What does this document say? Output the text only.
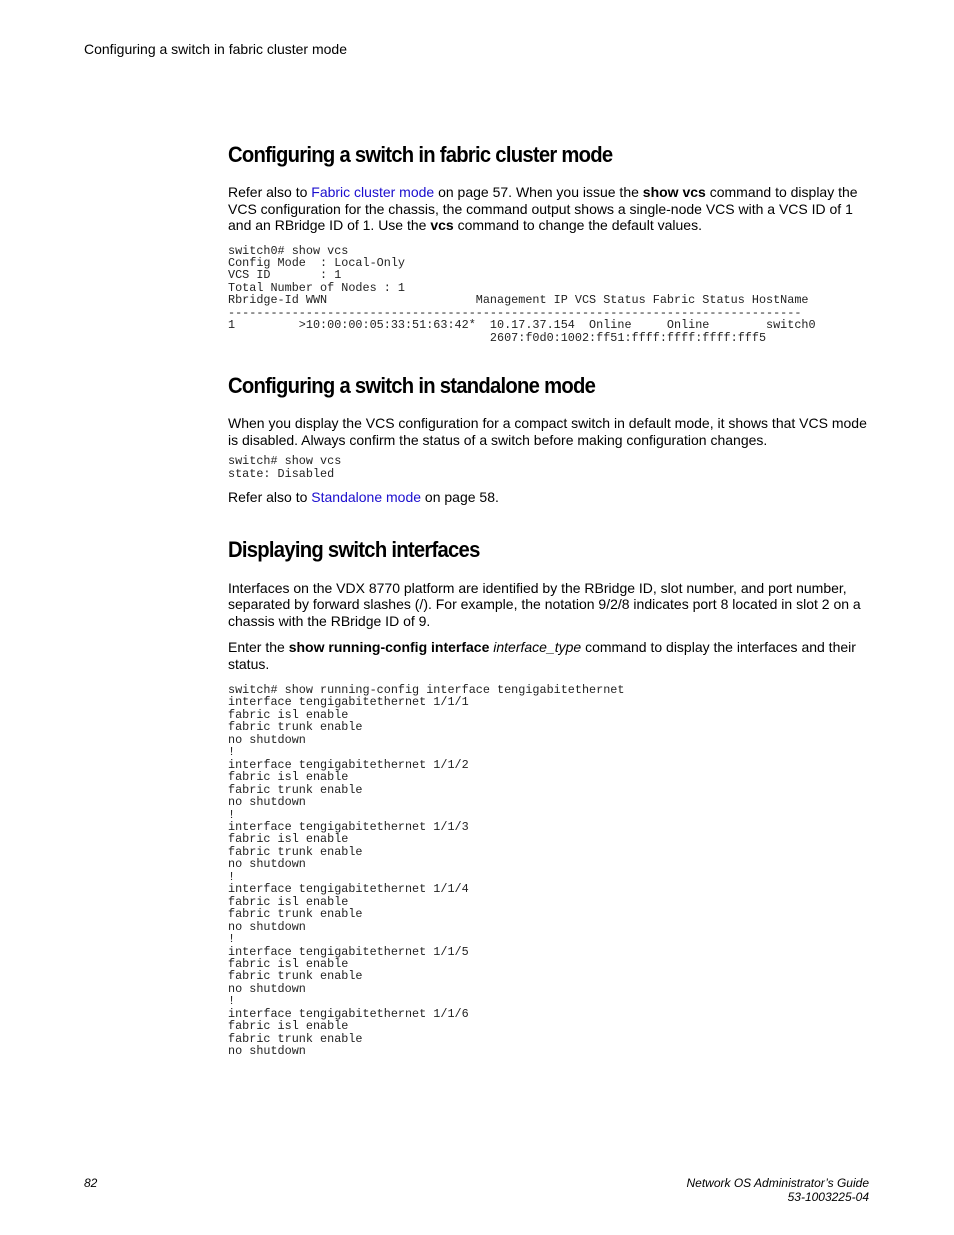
Configuring a switch in fabric cluster mode
Configuring a switch in fabric cluster mode

Refer also to Fabric cluster mode on page 57. When you issue the show vcs command to display the VCS configuration for the chassis, the command output shows a single-node VCS with a VCS ID of 1 and an RBridge ID of 1. Use the vcs command to change the default values.

switch0# show vcs
Config Mode  : Local-Only
VCS ID       : 1
Total Number of Nodes : 1
Rbridge-Id WWN                     Management IP VCS Status Fabric Status HostName
---------------------------------------------------------------------------------
1         >10:00:00:05:33:51:63:42*  10.17.37.154  Online     Online        switch0
2607:f0d0:1002:ff51:ffff:ffff:ffff:fff5
Configuring a switch in standalone mode

When you display the VCS configuration for a compact switch in default mode, it shows that VCS mode is disabled. Always confirm the status of a switch before making configuration changes.

switch# show vcs
state: Disabled

Refer also to Standalone mode on page 58.

Displaying switch interfaces

Interfaces on the VDX 8770 platform are identified by the RBridge ID, slot number, and port number, separated by forward slashes (/). For example, the notation 9/2/8 indicates port 8 located in slot 2 on a chassis with the RBridge ID of 9.

Enter the show running-config interface interface_type command to display the interfaces and their status.

switch# show running-config interface tengigabitethernet
interface tengigabitethernet 1/1/1
fabric isl enable
fabric trunk enable
no shutdown
!
interface tengigabitethernet 1/1/2
fabric isl enable
fabric trunk enable
no shutdown
!
interface tengigabitethernet 1/1/3
fabric isl enable
fabric trunk enable
no shutdown
!
interface tengigabitethernet 1/1/4
fabric isl enable
fabric trunk enable
no shutdown
!
interface tengigabitethernet 1/1/5
fabric isl enable
fabric trunk enable
no shutdown
!
interface tengigabitethernet 1/1/6
fabric isl enable
fabric trunk enable
no shutdown
82	Network OS Administrator’s Guide
53-1003225-04
